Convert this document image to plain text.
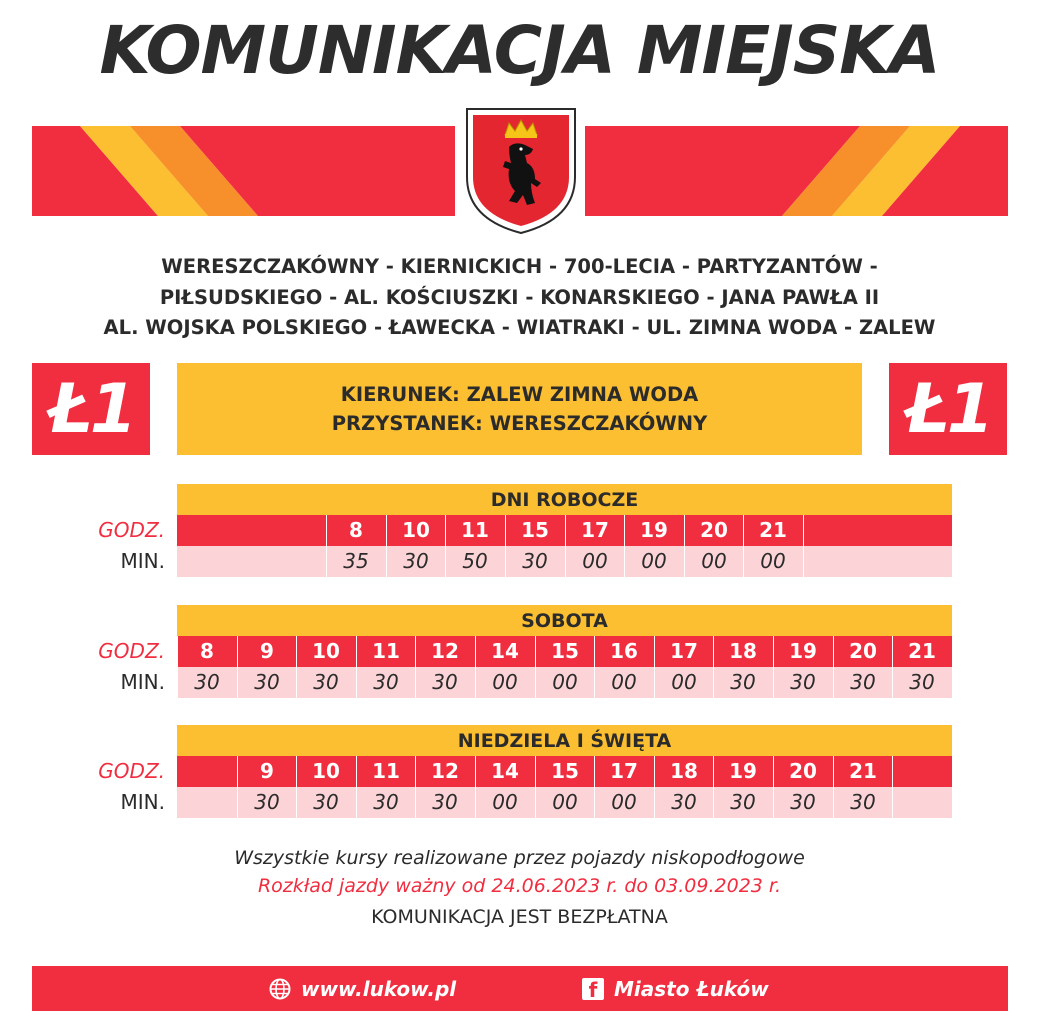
KOMUNIKACJA MIEJSKA
WERESZCZAKÓWNY - KIERNICKICH - 700-LECIA - PARTYZANTÓW -
PIŁSUDSKIEGO - AL. KOŚCIUSZKI - KONARSKIEGO - JANA PAWŁA II
AL. WOJSKA POLSKIEGO - ŁAWECKA - WIATRAKI - UL. ZIMNA WODA - ZALEW
Ł1	KIERUNEK: ZALEW ZIMNA WODA
PRZYSTANEK: WERESZCZAKÓWNY	Ł1
DNI ROBOCZE
GODZ.
MIN.
8	10	11	15	17	19	20	21
35	30	50	30	00	00	00	00
SOBOTA
GODZ.
MIN.
8	9	10	11	12	14	15	16	17	18	19	20	21
30	30	30	30	30	00	00	00	00	30	30	30	30
NIEDZIELA I ŚWIĘTA
GODZ.
MIN.
9	10	11	12	14	15	17	18	19	20	21
30	30	30	30	00	00	00	30	30	30	30
Wszystkie kursy realizowane przez pojazdy niskopodłogowe
Rozkład jazdy ważny od 24.06.2023 r. do 03.09.2023 r.
KOMUNIKACJA JEST BEZPŁATNA
www.lukow.pl	f Miasto Łuków
